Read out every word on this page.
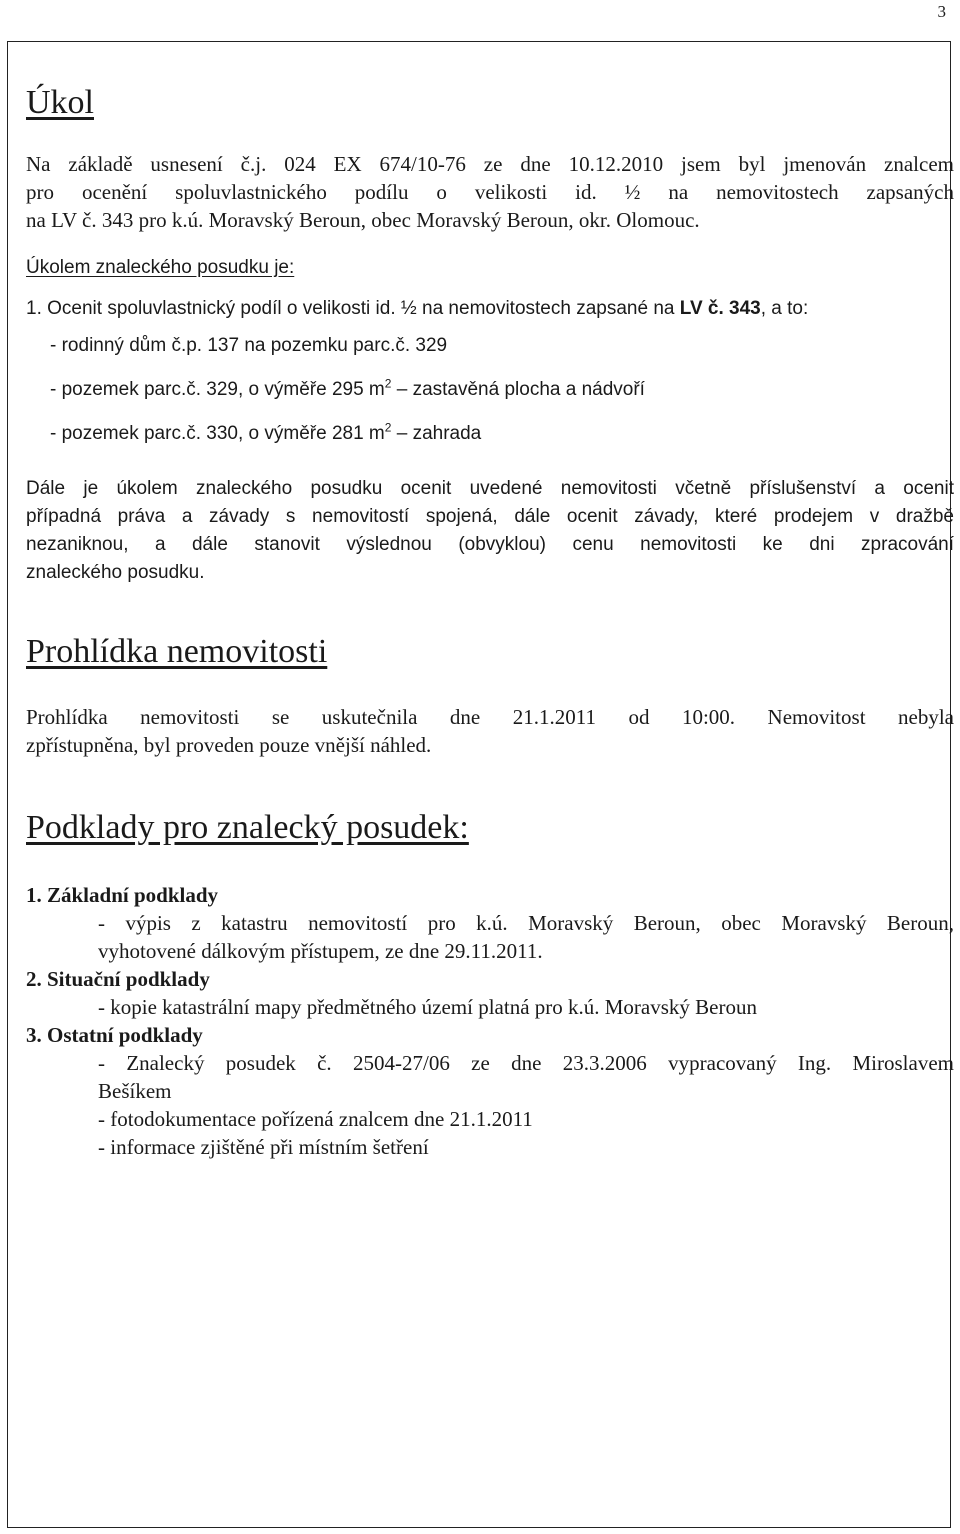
3
Úkol

Na základě usnesení č.j. 024 EX 674/10-76 ze dne 10.12.2010 jsem byl jmenován znalcem

pro ocenění spoluvlastnického podílu o velikosti id. ½ na nemovitostech zapsaných

na LV č. 343 pro k.ú. Moravský Beroun, obec Moravský Beroun, okr. Olomouc.

Úkolem znaleckého posudku je:

1. Ocenit spoluvlastnický podíl o velikosti id. ½ na nemovitostech zapsané na LV č. 343, a to:

- rodinný dům č.p. 137 na pozemku parc.č. 329

- pozemek parc.č. 329, o výměře 295 $m^2$ – zastavěná plocha a nádvoří

- pozemek parc.č. 330, o výměře 281 $m^2$ – zahrada

Dále je úkolem znaleckého posudku ocenit uvedené nemovitosti včetně příslušenství a ocenit

případná práva a závady s nemovitostí spojená, dále ocenit závady, které prodejem v dražbě

nezaniknou, a dále stanovit výslednou (obvyklou) cenu nemovitosti ke dni zpracování

znaleckého posudku.

Prohlídka nemovitosti

Prohlídka nemovitosti se uskutečnila dne 21.1.2011 od 10:00. Nemovitost nebyla

zpřístupněna, byl proveden pouze vnější náhled.

Podklady pro znalecký posudek:

1. Základní podklady

- výpis z katastru nemovitostí pro k.ú. Moravský Beroun, obec Moravský Beroun,

vyhotovené dálkovým přístupem, ze dne 29.11.2011.

2. Situační podklady

- kopie katastrální mapy předmětného území platná pro k.ú. Moravský Beroun

3. Ostatní podklady

- Znalecký posudek č. 2504-27/06 ze dne 23.3.2006 vypracovaný Ing. Miroslavem

Bešíkem

- fotodokumentace pořízená znalcem dne 21.1.2011

- informace zjištěné při místním šetření
